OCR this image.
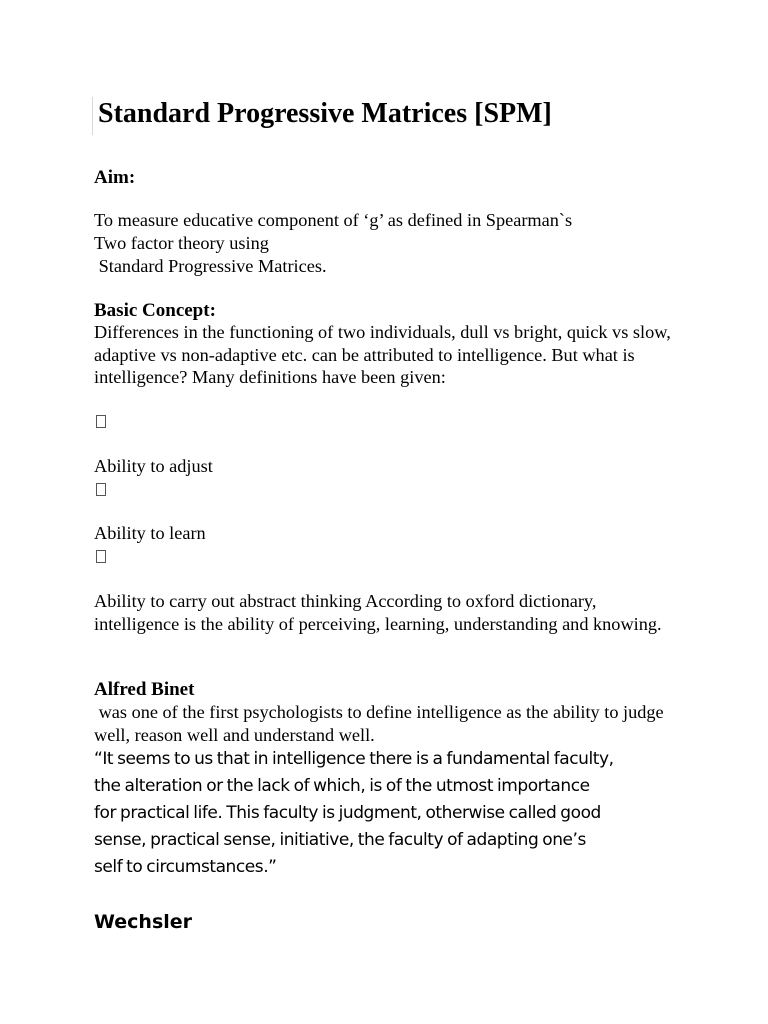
Standard Progressive Matrices [SPM]
Aim:
To measure educative component of ‘g’ as defined in Spearman`s
Two factor theory using
Standard Progressive Matrices.
Basic Concept:

Differences in the functioning of two individuals, dull vs bright, quick vs slow, adaptive vs non-adaptive etc. can be attributed to intelligence. But what is intelligence? Many definitions have been given:

Ability to adjust
Ability to learn

Ability to carry out abstract thinking According to oxford dictionary, intelligence is the ability of perceiving, learning, understanding and knowing.

Alfred Binet

was one of the first psychologists to define intelligence as the ability to judge well, reason well and understand well.

“It seems to us that in intelligence there is a fundamental faculty,
the alteration or the lack of which, is of the utmost importance
for practical life. This faculty is judgment, otherwise called good
sense, practical sense, initiative, the faculty of adapting one’s
self to circumstances.”

Wechsler
